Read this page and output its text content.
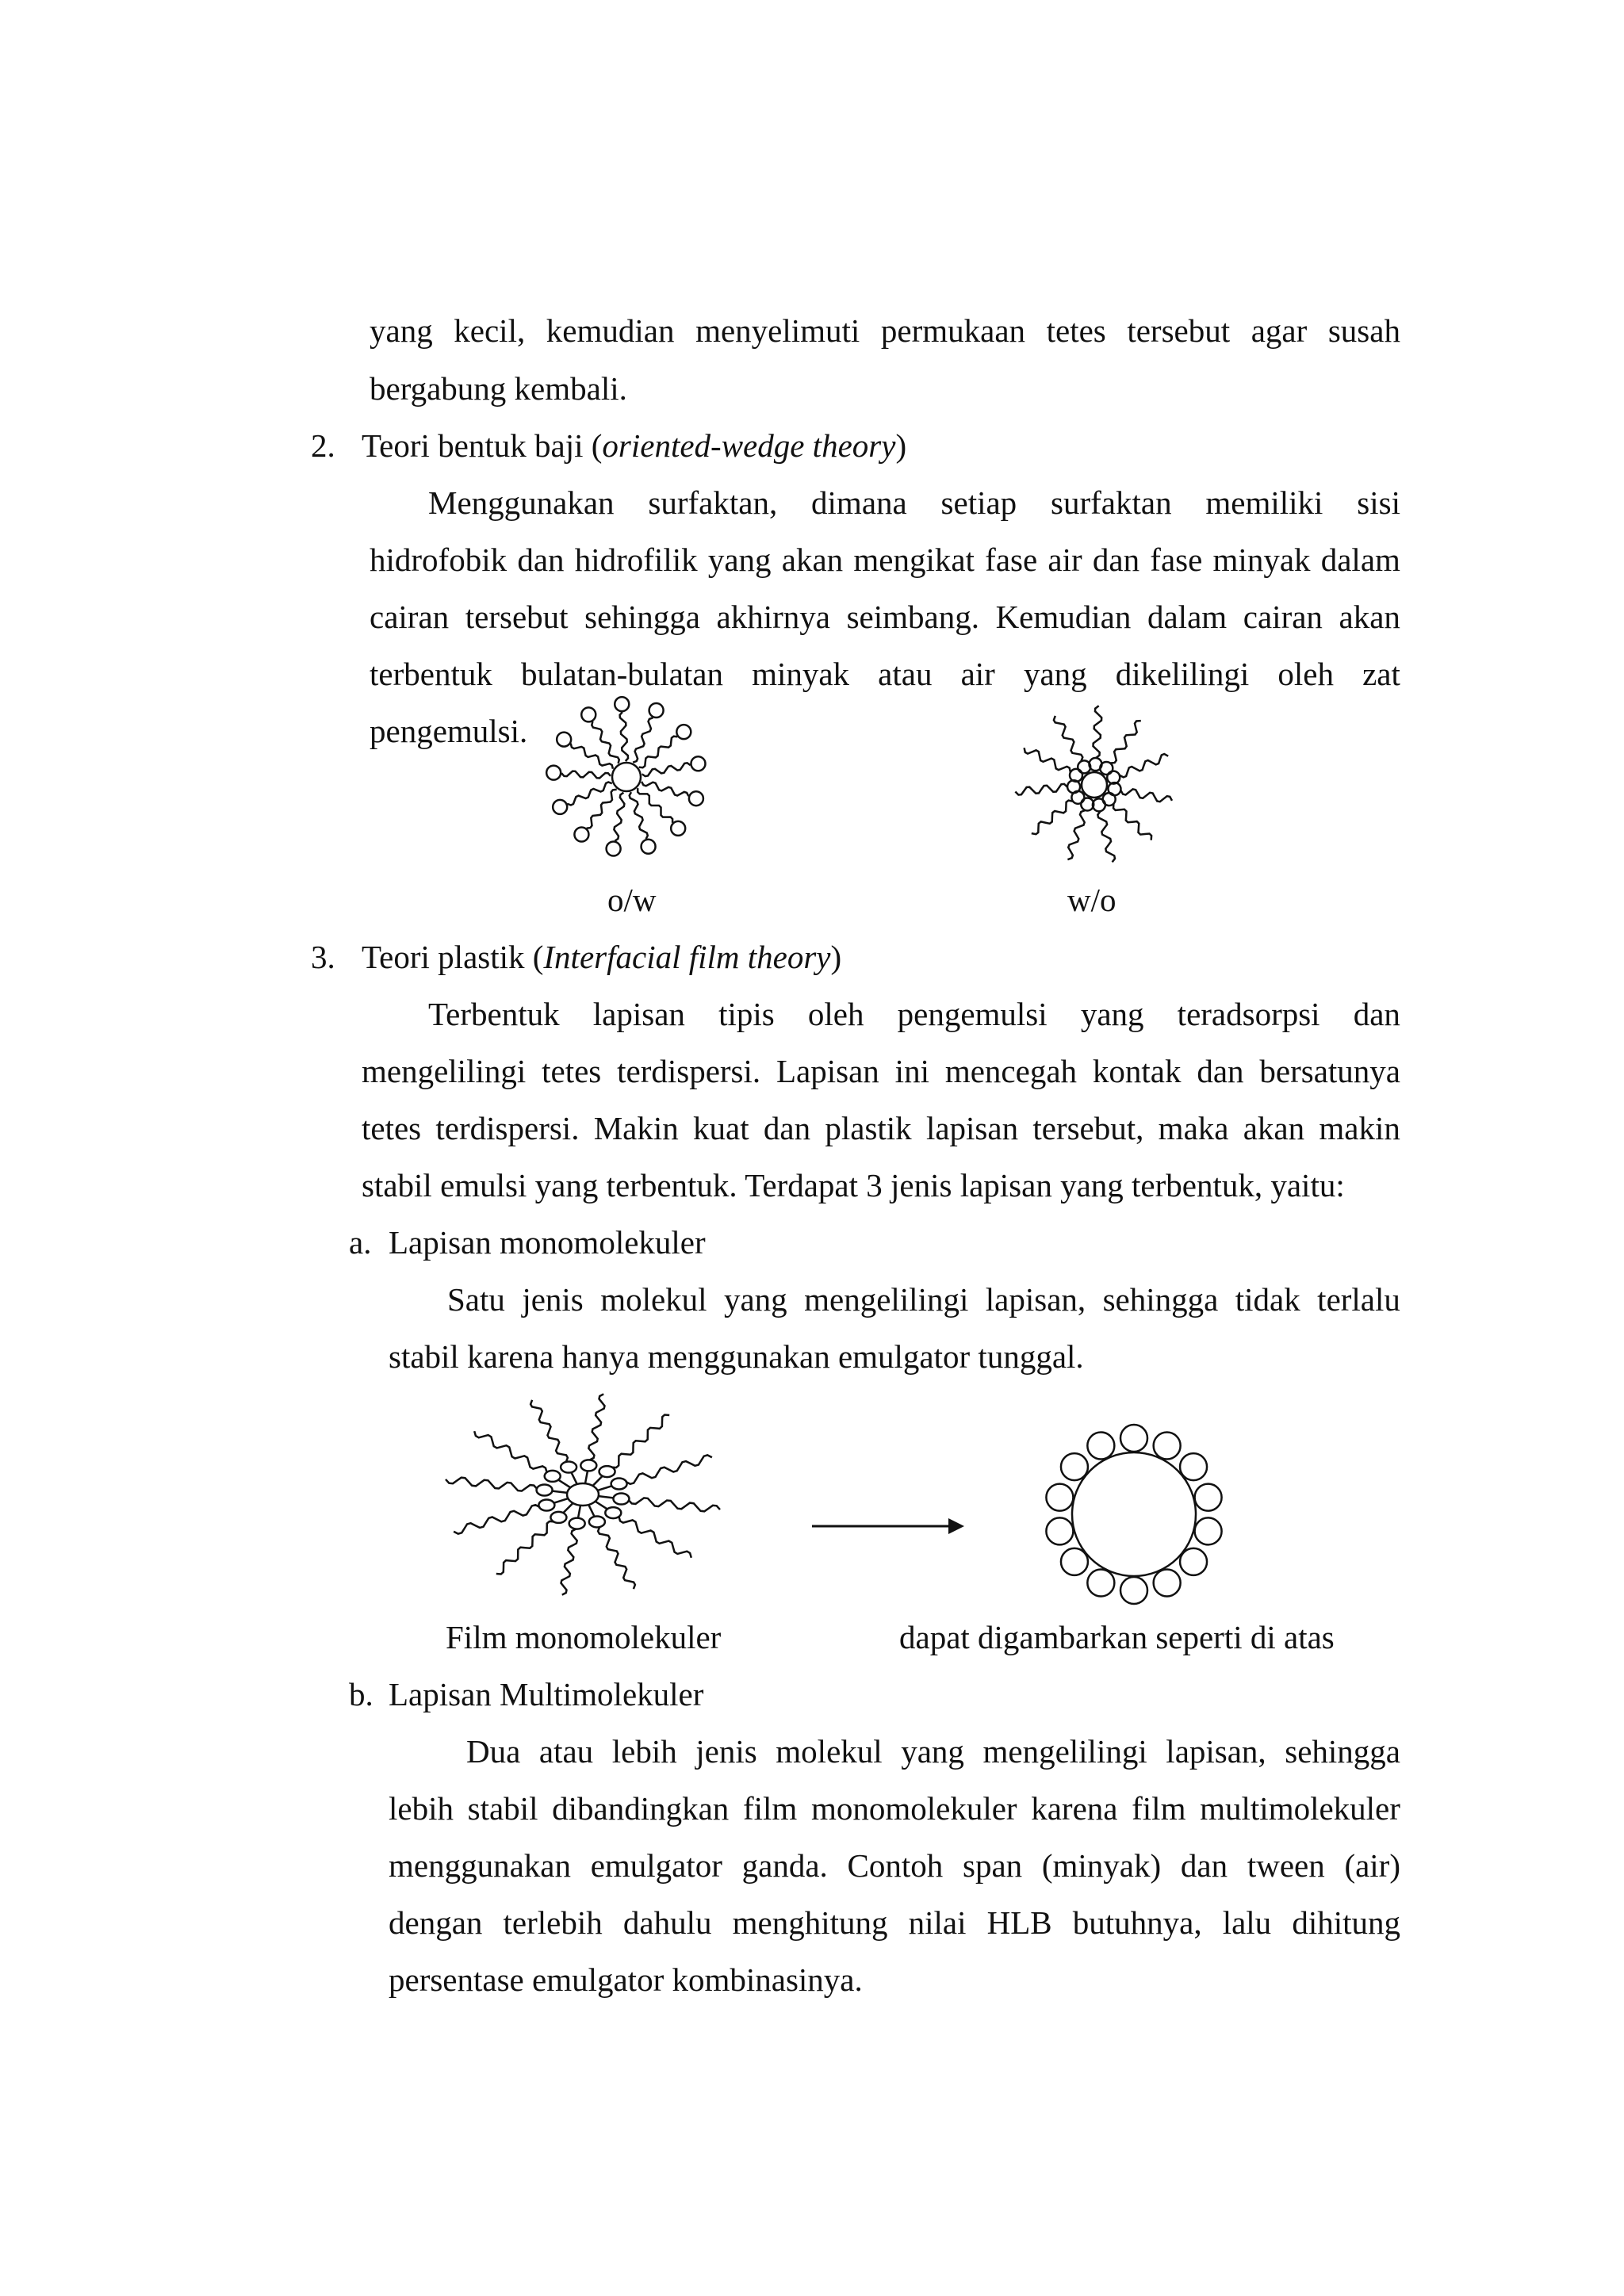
yang kecil, kemudian menyelimuti permukaan tetes tersebut agar susah
bergabung kembali.
2. Teori bentuk baji (oriented-wedge theory)
Menggunakan surfaktan, dimana setiap surfaktan memiliki sisi
hidrofobik dan hidrofilik yang akan mengikat fase air dan fase minyak dalam
cairan tersebut sehingga akhirnya seimbang. Kemudian dalam cairan akan
terbentuk bulatan-bulatan minyak atau air yang dikelilingi oleh zat
pengemulsi.
o/w	w/o
3. Teori plastik (Interfacial film theory)
Terbentuk lapisan tipis oleh pengemulsi yang teradsorpsi dan
mengelilingi tetes terdispersi. Lapisan ini mencegah kontak dan bersatunya
tetes terdispersi. Makin kuat dan plastik lapisan tersebut, maka akan makin
stabil emulsi yang terbentuk. Terdapat 3 jenis lapisan yang terbentuk, yaitu:
a. Lapisan monomolekuler
Satu jenis molekul yang mengelilingi lapisan, sehingga tidak terlalu
stabil karena hanya menggunakan emulgator tunggal.
Film monomolekuler	dapat digambarkan seperti di atas
b. Lapisan Multimolekuler
Dua atau lebih jenis molekul yang mengelilingi lapisan, sehingga
lebih stabil dibandingkan film monomolekuler karena film multimolekuler
menggunakan emulgator ganda. Contoh span (minyak) dan tween (air)
dengan terlebih dahulu menghitung nilai HLB butuhnya, lalu dihitung
persentase emulgator kombinasinya.
